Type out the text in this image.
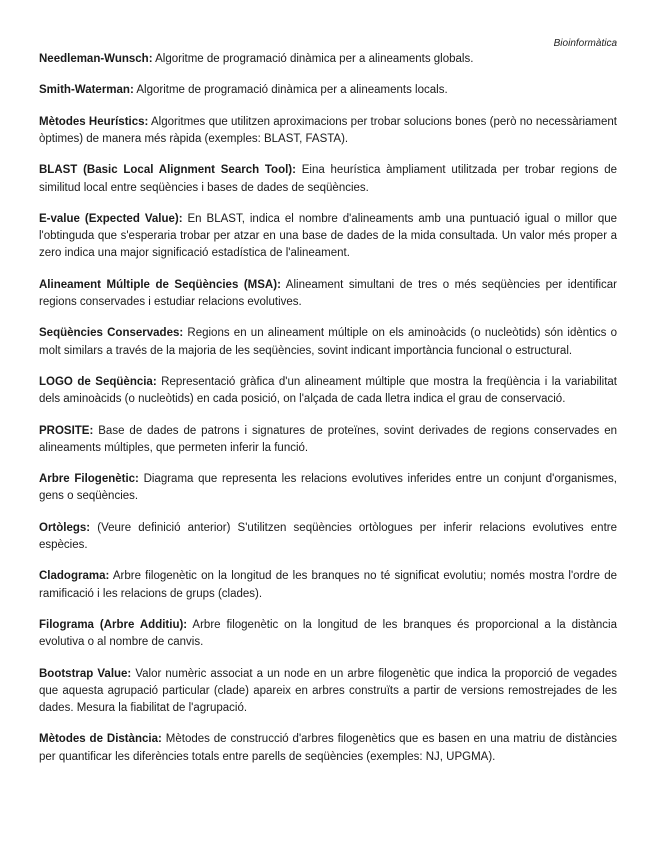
Bioinformàtica

Needleman-Wunsch: Algoritme de programació dinàmica per a alineaments globals.

Smith-Waterman: Algoritme de programació dinàmica per a alineaments locals.

Mètodes Heurístics: Algoritmes que utilitzen aproximacions per trobar solucions bones (però no necessàriament òptimes) de manera més ràpida (exemples: BLAST, FASTA).

BLAST (Basic Local Alignment Search Tool): Eina heurística àmpliament utilitzada per trobar regions de similitud local entre seqüències i bases de dades de seqüències.

E-value (Expected Value): En BLAST, indica el nombre d'alineaments amb una puntuació igual o millor que l'obtinguda que s'esperaria trobar per atzar en una base de dades de la mida consultada. Un valor més proper a zero indica una major significació estadística de l'alineament.

Alineament Múltiple de Seqüències (MSA): Alineament simultani de tres o més seqüències per identificar regions conservades i estudiar relacions evolutives.

Seqüències Conservades: Regions en un alineament múltiple on els aminoàcids (o nucleòtids) són idèntics o molt similars a través de la majoria de les seqüències, sovint indicant importància funcional o estructural.

LOGO de Seqüència: Representació gràfica d'un alineament múltiple que mostra la freqüència i la variabilitat dels aminoàcids (o nucleòtids) en cada posició, on l'alçada de cada lletra indica el grau de conservació.

PROSITE: Base de dades de patrons i signatures de proteïnes, sovint derivades de regions conservades en alineaments múltiples, que permeten inferir la funció.

Arbre Filogenètic: Diagrama que representa les relacions evolutives inferides entre un conjunt d'organismes, gens o seqüències.

Ortòlegs: (Veure definició anterior) S'utilitzen seqüències ortòlogues per inferir relacions evolutives entre espècies.

Cladograma: Arbre filogenètic on la longitud de les branques no té significat evolutiu; només mostra l'ordre de ramificació i les relacions de grups (clades).

Filograma (Arbre Additiu): Arbre filogenètic on la longitud de les branques és proporcional a la distància evolutiva o al nombre de canvis.

Bootstrap Value: Valor numèric associat a un node en un arbre filogenètic que indica la proporció de vegades que aquesta agrupació particular (clade) apareix en arbres construïts a partir de versions remostrejades de les dades. Mesura la fiabilitat de l'agrupació.

Mètodes de Distància: Mètodes de construcció d'arbres filogenètics que es basen en una matriu de distàncies per quantificar les diferències totals entre parells de seqüències (exemples: NJ, UPGMA).
